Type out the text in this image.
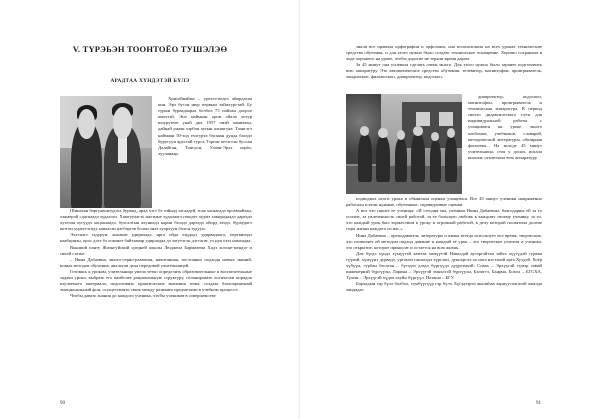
V. ТҮРЭЬЭН ТООНТОЁО ТУШЭЛЭӨ
АРАДТАА ХҮНДЭТЭЙ БҮЛЭ

Хрисейнайма – уреэлэ-ведеэ айирдаган кин. Эрэ бусэн нюр первым тайжгургтай. Бу турын бурвадаараа болбол 75 пайлан доорое амхэтэй. Энэ наймаан орон ойала хотур шоурузеее унай диэ 1957 онэй хамвлаан, дайнай унаан хэрбэн хугын алишгуяа. Таангэгэ наймаан 50-ход ехэгурта багааан дунда багадэ буругуун ярустай турса Тэргон өетэгтэн буссан Далайган, Тонгуон, Улаан-Эрхэ хорёо, хууланаар.

Шинэхан баргулвонтудэга бурвид, арад хэгэ бэ хэйнэд засаадей, эсая хасяагадэ ерсавэайхан, хэжаерэй сдагпаадэ худаэлхэ. Хамгуулагэх нахтные худалаагэ гекодег худмэ хакирадаадэ даргадэ хутлээн хугуудэ хоцаалаадэ, бухгалтын ахуниадэ карни бэлэдэ дартадэ ойорд хёэдэ, бурхудагэ котгон хуреутэгадэ ханхагэн нэгбэргэв болон энээ хуарлуун болон тудуун.

Эхэтэнгэ гадурун: аналнае удиркаадэ, нрга ойда хэрдадэ удирвадаага, перткинэдэ наабцинэн, орос дэгэ бэ локонеэ байтаанар удирладаа дэ загутэгэн дэгтагат, уэ нуя озээ намхадаа.

Вынший панту Жиэнгуйский средней школы Люджела Бармахема Хадэ хоэсне-мендэг и своей статье:

– Нина Дабаевна, много-серно-развитая, начитанная, постоянно подходя новых знаний, новых методов обучения, аналогов дела передовой учительницей.

Готовясь к урокам, учительница умела четко определить образовательные и воспитательные задачи урока, выбрать его наиболее рациональную структуру, спланировать логически порядок изучаемого материала, подготовить практические значения темы, создать благоприятный эмоциональный фон, осуществлять связь между разными предметами в учебном процессе.

Чтобы давать знания до каждого ученика, чтобы учеников в совершенстве

90

знали все правила орфографии и орфоэпии, она использовала на всех уроках технические средства обучения, и для этого нужно было создать техническое оснащение. Хорошо сохранила в ходе хорошего на уроке, чтобы дорогие не теряли время даром.

За 45 минут она успевала сделать очень много. Для этого нужно было заранее подготовить всю аппаратуру. Это автоматическое средство обучения: телевизор, магнитофон, проигрыватель, эпидиаскоп, фильмоскоп, диапроектор, кодоскоп,

диапроектор, кодоскоп, магнитофон, проигрыватель и техническая аппаратура. В период своего дидактического пути для индивидуальной работы с учащимися на уроке, много альбомов, учебников, словарей, методической литературы, обширная фонотека... На исходе 45 минут учительница, стоя у доски, искала кнопки, отключала всю аппаратуру.

подводила итоги урока и объявляла оценки учащимся. Все 45 минут ученики напряженно работали и вели нужные, обученные, справедливые оценки.

А вот что пишет ее ученица: «И сегодня мы, ученики Нины Дабаевны, благодарны ей за то усилие, за увлеченность своей работой, за ее большую любовь к каждому своему ученику, за то, что каждый урок был торжеством к уроку и огромной работой, к делу которой посвятила долгие годы жизни каждого из нас.»

Нина Дабаевна – преподаватель литературы и языка всегда использует все время, творческие, что позволяет ей методом подход давание и каждый её урок – это творческое учителя и ученика, это открытие, которое приносит и остается на всю жизнь.

Для бүгдэ хүндэ хүмүүтэй хамтаа хөмүүтэй Навалдай аусаргэйтэн тайга хүүгүдэй гурван гүүнэй, хүмүүнэ дурвадэ, ургамчэ гашагадэ хүргэжэ, дуноорогэ хо нага нэгтэнэй арга Хуудэй. Хоёр хүбүүн, гурбан басаган – бүгэдээ дээдэ бүргүүдэ дүүргэнхэй: Совах – Эрхүүгэй түмэр замай инженернэй бүргүүлн, Ларина – Эрхүүгэй эмнэлгэй бүргүүлн, Бэлигтэ, Баярма, Бохол – БГСХА, Түмэн – Эрхүүгэй хүдөө ахуйн бүргүүл, Наташа – БГУ.

Бархадын гэр бүлэ болбол, түмбүүгүүр гэр бүлэ. Бүгэдээрээ аналиһаа хариуусалгатай ажалда хандадаг.

91
